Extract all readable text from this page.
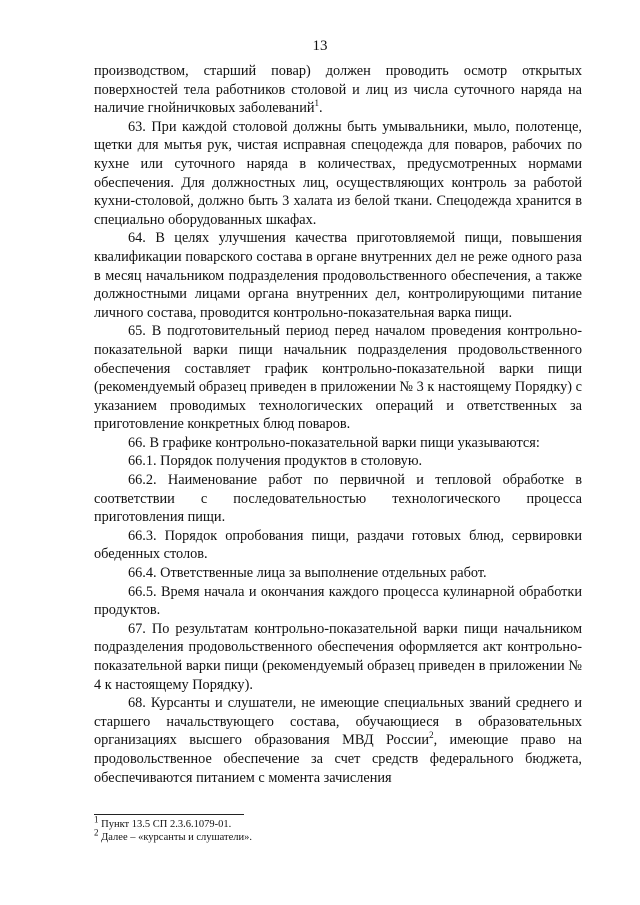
13

производством, старший повар) должен проводить осмотр открытых поверхностей тела работников столовой и лиц из числа суточного наряда на наличие гнойничковых заболеваний$^1$.

63. При каждой столовой должны быть умывальники, мыло, полотенце, щетки для мытья рук, чистая исправная спецодежда для поваров, рабочих по кухне или суточного наряда в количествах, предусмотренных нормами обеспечения. Для должностных лиц, осуществляющих контроль за работой кухни-столовой, должно быть 3 халата из белой ткани. Спецодежда хранится в специально оборудованных шкафах.

64. В целях улучшения качества приготовляемой пищи, повышения квалификации поварского состава в органе внутренних дел не реже одного раза в месяц начальником подразделения продовольственного обеспечения, а также должностными лицами органа внутренних дел, контролирующими питание личного состава, проводится контрольно-показательная варка пищи.

65. В подготовительный период перед началом проведения контрольно-показательной варки пищи начальник подразделения продовольственного обеспечения составляет график контрольно-показательной варки пищи (рекомендуемый образец приведен в приложении № 3 к настоящему Порядку) с указанием проводимых технологических операций и ответственных за приготовление конкретных блюд поваров.

66. В графике контрольно-показательной варки пищи указываются:

66.1. Порядок получения продуктов в столовую.

66.2. Наименование работ по первичной и тепловой обработке в соответствии с последовательностью технологического процесса приготовления пищи.

66.3. Порядок опробования пищи, раздачи готовых блюд, сервировки обеденных столов.

66.4. Ответственные лица за выполнение отдельных работ.

66.5. Время начала и окончания каждого процесса кулинарной обработки продуктов.

67. По результатам контрольно-показательной варки пищи начальником подразделения продовольственного обеспечения оформляется акт контрольно-показательной варки пищи (рекомендуемый образец приведен в приложении № 4 к настоящему Порядку).

68. Курсанты и слушатели, не имеющие специальных званий среднего и старшего начальствующего состава, обучающиеся в образовательных организациях высшего образования МВД России$^2$, имеющие право на продовольственное обеспечение за счет средств федерального бюджета, обеспечиваются питанием с момента зачисления

$^1$ Пункт 13.5 СП 2.3.6.1079-01.

$^2$ Далее – «курсанты и слушатели».
